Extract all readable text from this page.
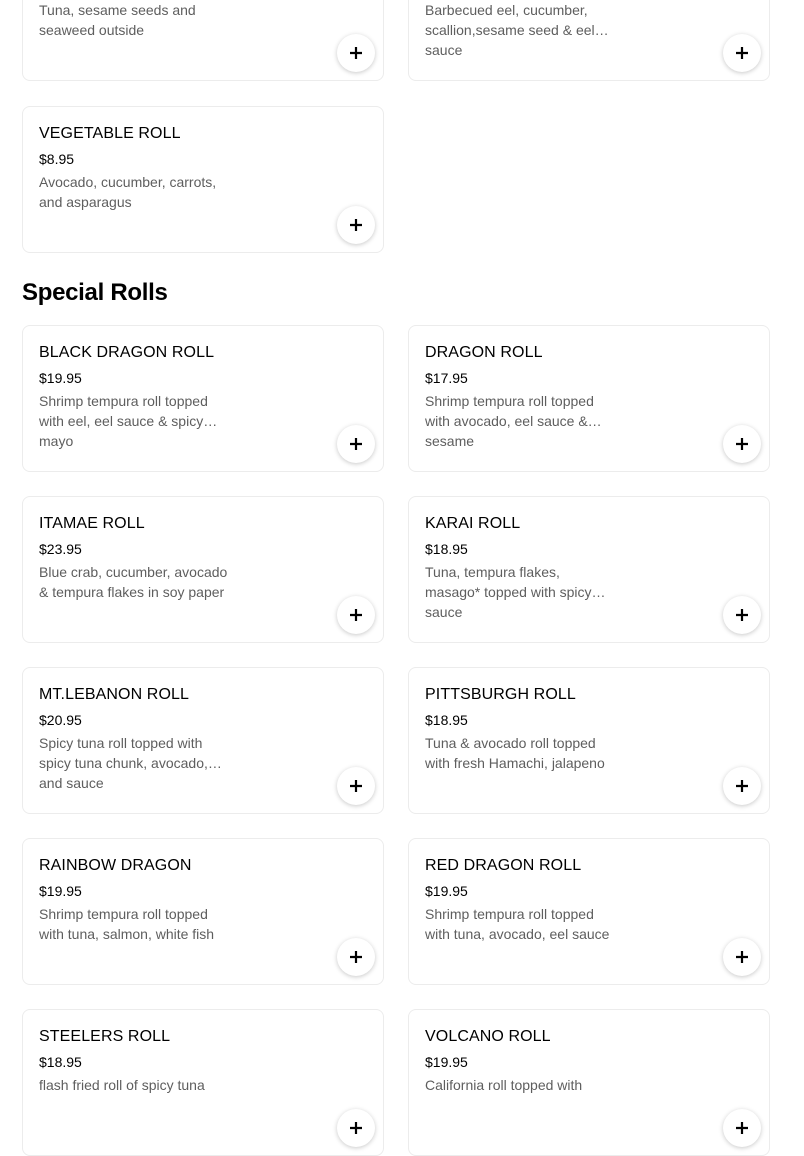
Tuna, sesame seeds and seaweed outside
Barbecued eel, cucumber, scallion,sesame seed & eel sauce
VEGETABLE ROLL
$8.95
Avocado, cucumber, carrots, and asparagus
Special Rolls
BLACK DRAGON ROLL
$19.95
Shrimp tempura roll topped with eel, eel sauce & spicy mayo
DRAGON ROLL
$17.95
Shrimp tempura roll topped with avocado, eel sauce & sesame
ITAMAE ROLL
$23.95
Blue crab, cucumber, avocado & tempura flakes in soy paper
KARAI ROLL
$18.95
Tuna, tempura flakes, masago* topped with spicy sauce
MT.LEBANON ROLL
$20.95
Spicy tuna roll topped with spicy tuna chunk, avocado, and sauce
PITTSBURGH ROLL
$18.95
Tuna & avocado roll topped with fresh Hamachi, jalapeno
RAINBOW DRAGON
$19.95
Shrimp tempura roll topped with tuna, salmon, white fish
RED DRAGON ROLL
$19.95
Shrimp tempura roll topped with tuna, avocado, eel sauce
STEELERS ROLL
$18.95
flash fried roll of spicy tuna
VOLCANO ROLL
$19.95
California roll topped with
